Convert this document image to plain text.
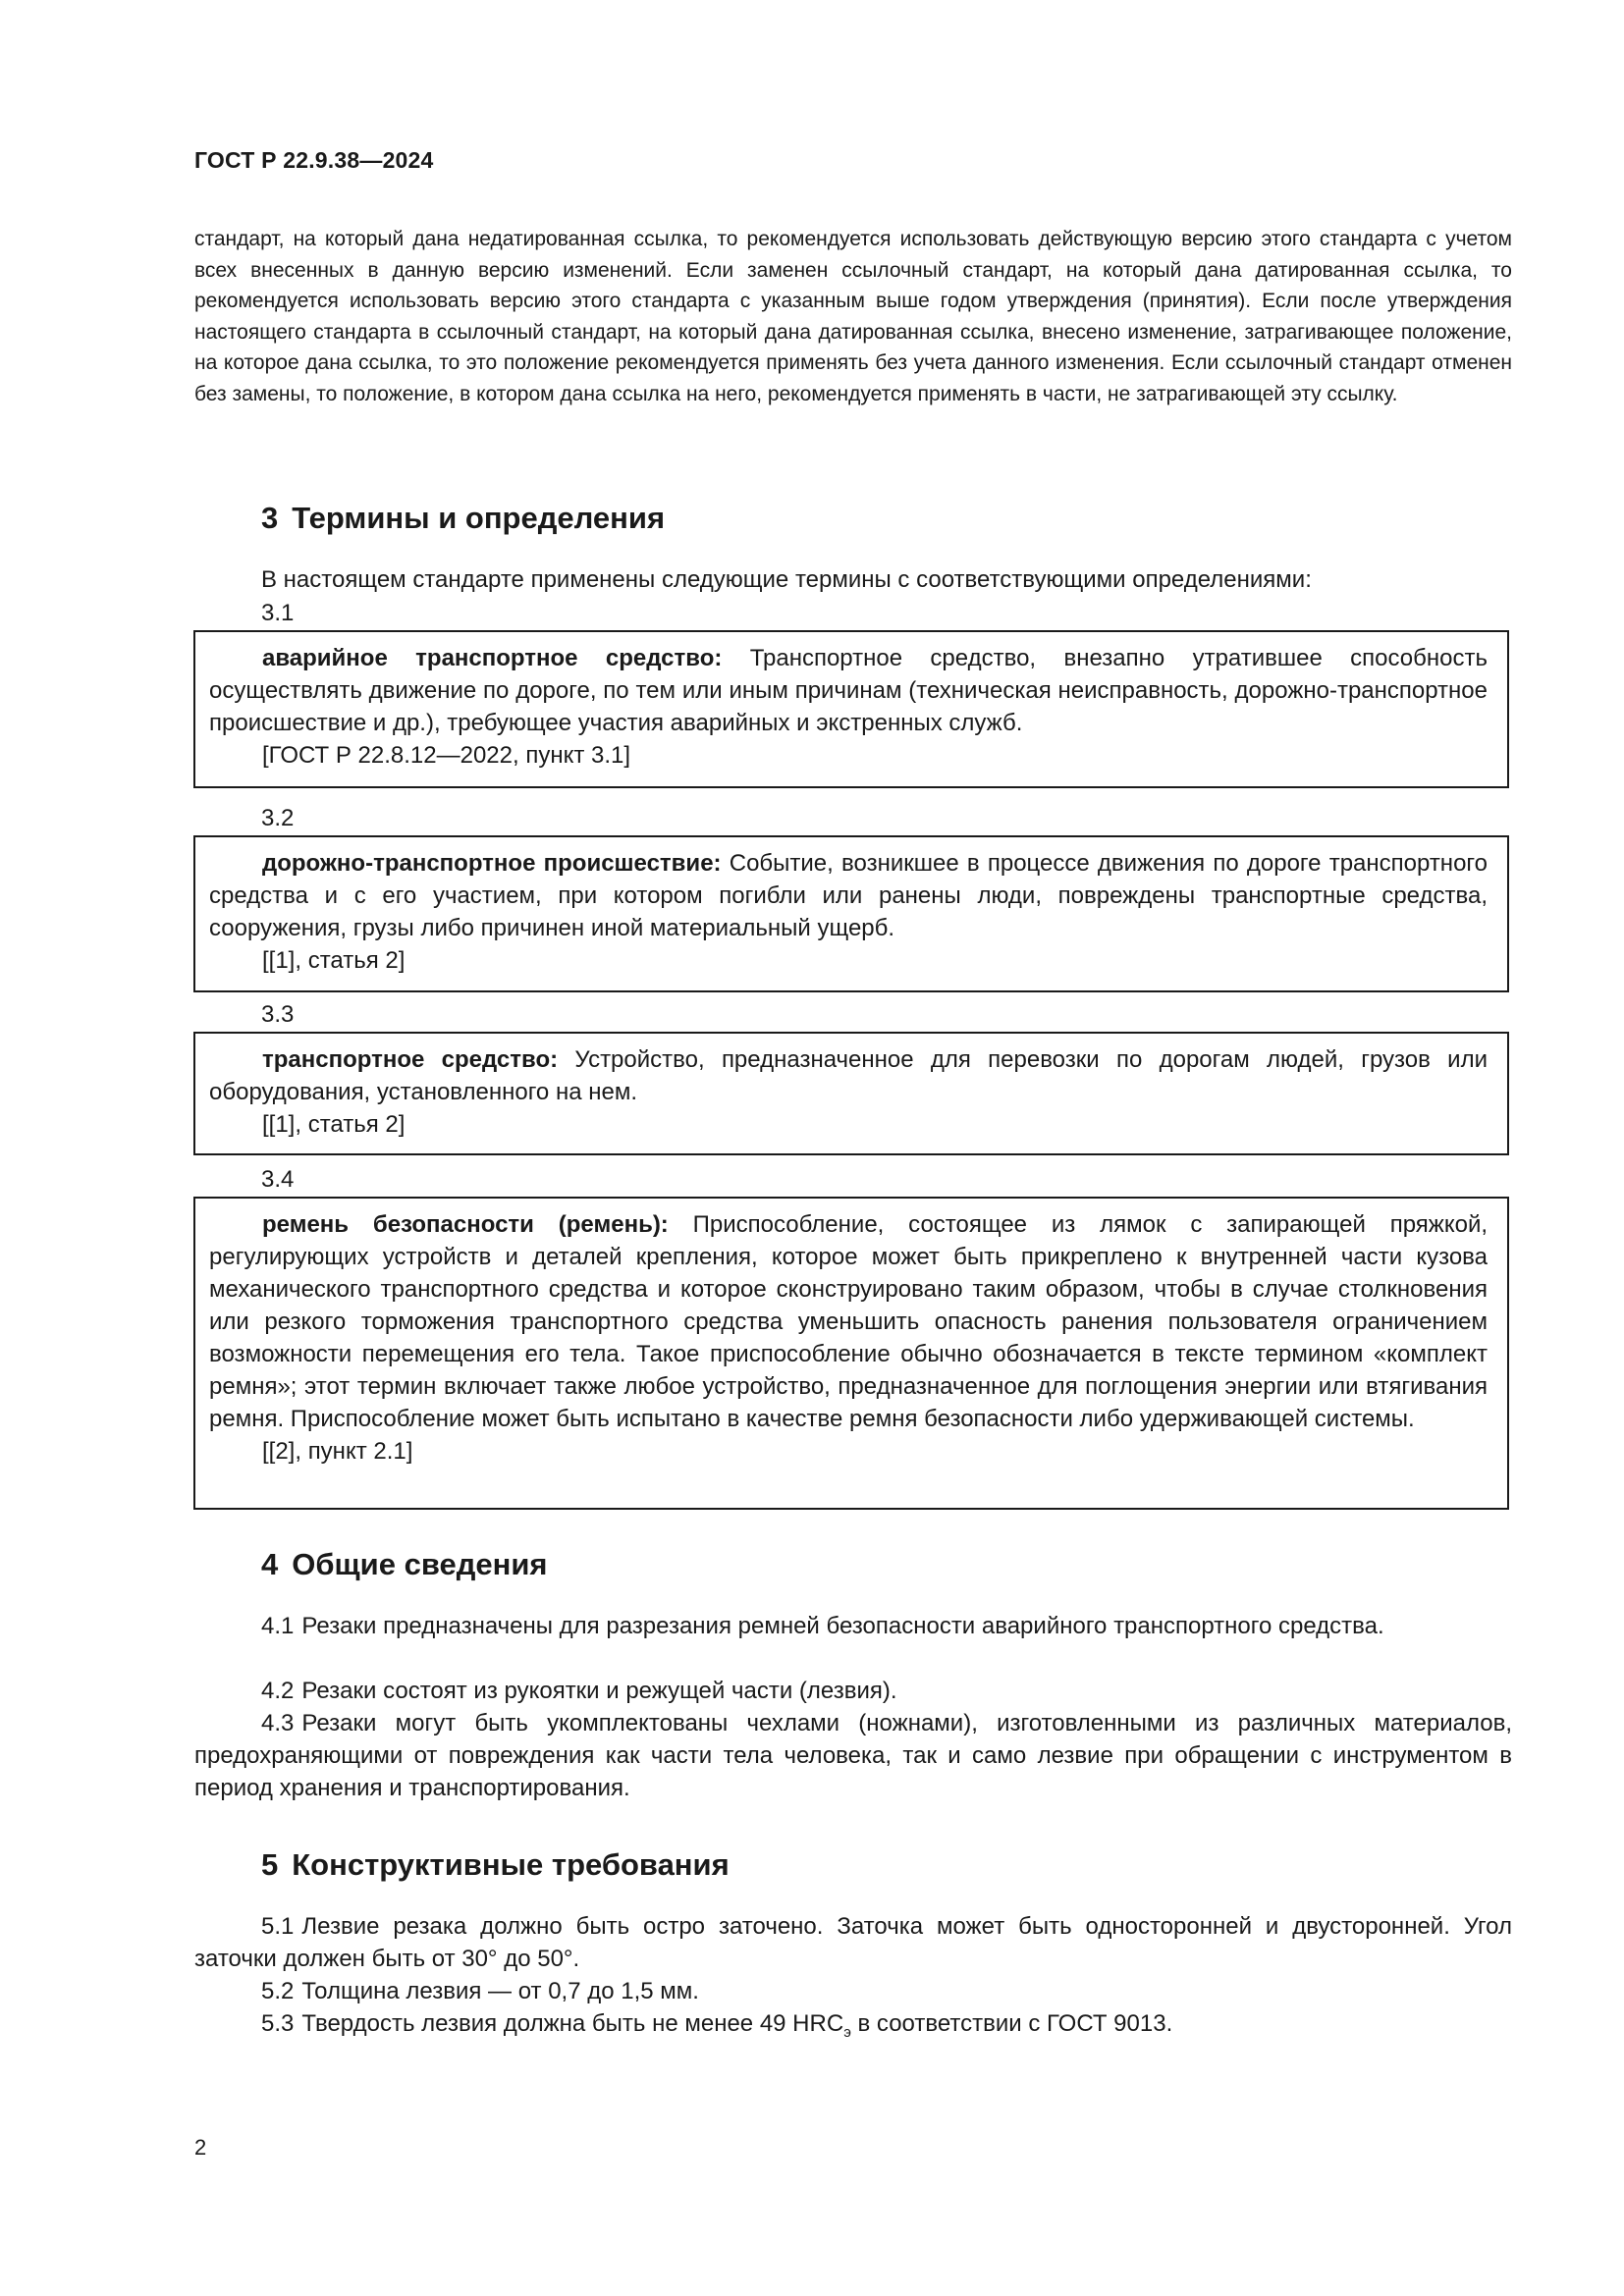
ГОСТ Р 22.9.38—2024
стандарт, на который дана недатированная ссылка, то рекомендуется использовать действующую версию этого стандарта с учетом всех внесенных в данную версию изменений. Если заменен ссылочный стандарт, на который дана датированная ссылка, то рекомендуется использовать версию этого стандарта с указанным выше годом утверждения (принятия). Если после утверждения настоящего стандарта в ссылочный стандарт, на который дана датированная ссылка, внесено изменение, затрагивающее положение, на которое дана ссылка, то это положение рекомендуется применять без учета данного изменения. Если ссылочный стандарт отменен без замены, то положение, в котором дана ссылка на него, рекомендуется применять в части, не затрагивающей эту ссылку.
3 Термины и определения
В настоящем стандарте применены следующие термины с соответствующими определениями:
3.1

аварийное транспортное средство: Транспортное средство, внезапно утратившее способность осуществлять движение по дороге, по тем или иным причинам (техническая неисправность, дорожно-транспортное происшествие и др.), требующее участия аварийных и экстренных служб.

[ГОСТ Р 22.8.12—2022, пункт 3.1]

3.2

дорожно-транспортное происшествие: Событие, возникшее в процессе движения по дороге транспортного средства и с его участием, при котором погибли или ранены люди, повреждены транспортные средства, сооружения, грузы либо причинен иной материальный ущерб.

[[1], статья 2]

3.3

транспортное средство: Устройство, предназначенное для перевозки по дорогам людей, грузов или оборудования, установленного на нем.

[[1], статья 2]

3.4

ремень безопасности (ремень): Приспособление, состоящее из лямок с запирающей пряжкой, регулирующих устройств и деталей крепления, которое может быть прикреплено к внутренней части кузова механического транспортного средства и которое сконструировано таким образом, чтобы в случае столкновения или резкого торможения транспортного средства уменьшить опасность ранения пользователя ограничением возможности перемещения его тела. Такое приспособление обычно обозначается в тексте термином «комплект ремня»; этот термин включает также любое устройство, предназначенное для поглощения энергии или втягивания ремня. Приспособление может быть испытано в качестве ремня безопасности либо удерживающей системы.

[[2], пункт 2.1]

4 Общие сведения
4.1 Резаки предназначены для разрезания ремней безопасности аварийного транспортного средства.
4.2 Резаки состоят из рукоятки и режущей части (лезвия).
4.3 Резаки могут быть укомплектованы чехлами (ножнами), изготовленными из различных материалов, предохраняющими от повреждения как части тела человека, так и само лезвие при обращении с инструментом в период хранения и транспортирования.
5 Конструктивные требования
5.1 Лезвие резака должно быть остро заточено. Заточка может быть односторонней и двусторонней. Угол заточки должен быть от 30° до 50°.
5.2 Толщина лезвия — от 0,7 до 1,5 мм.
5.3 Твердость лезвия должна быть не менее 49 $HRC_э$ в соответствии с ГОСТ 9013.
2
